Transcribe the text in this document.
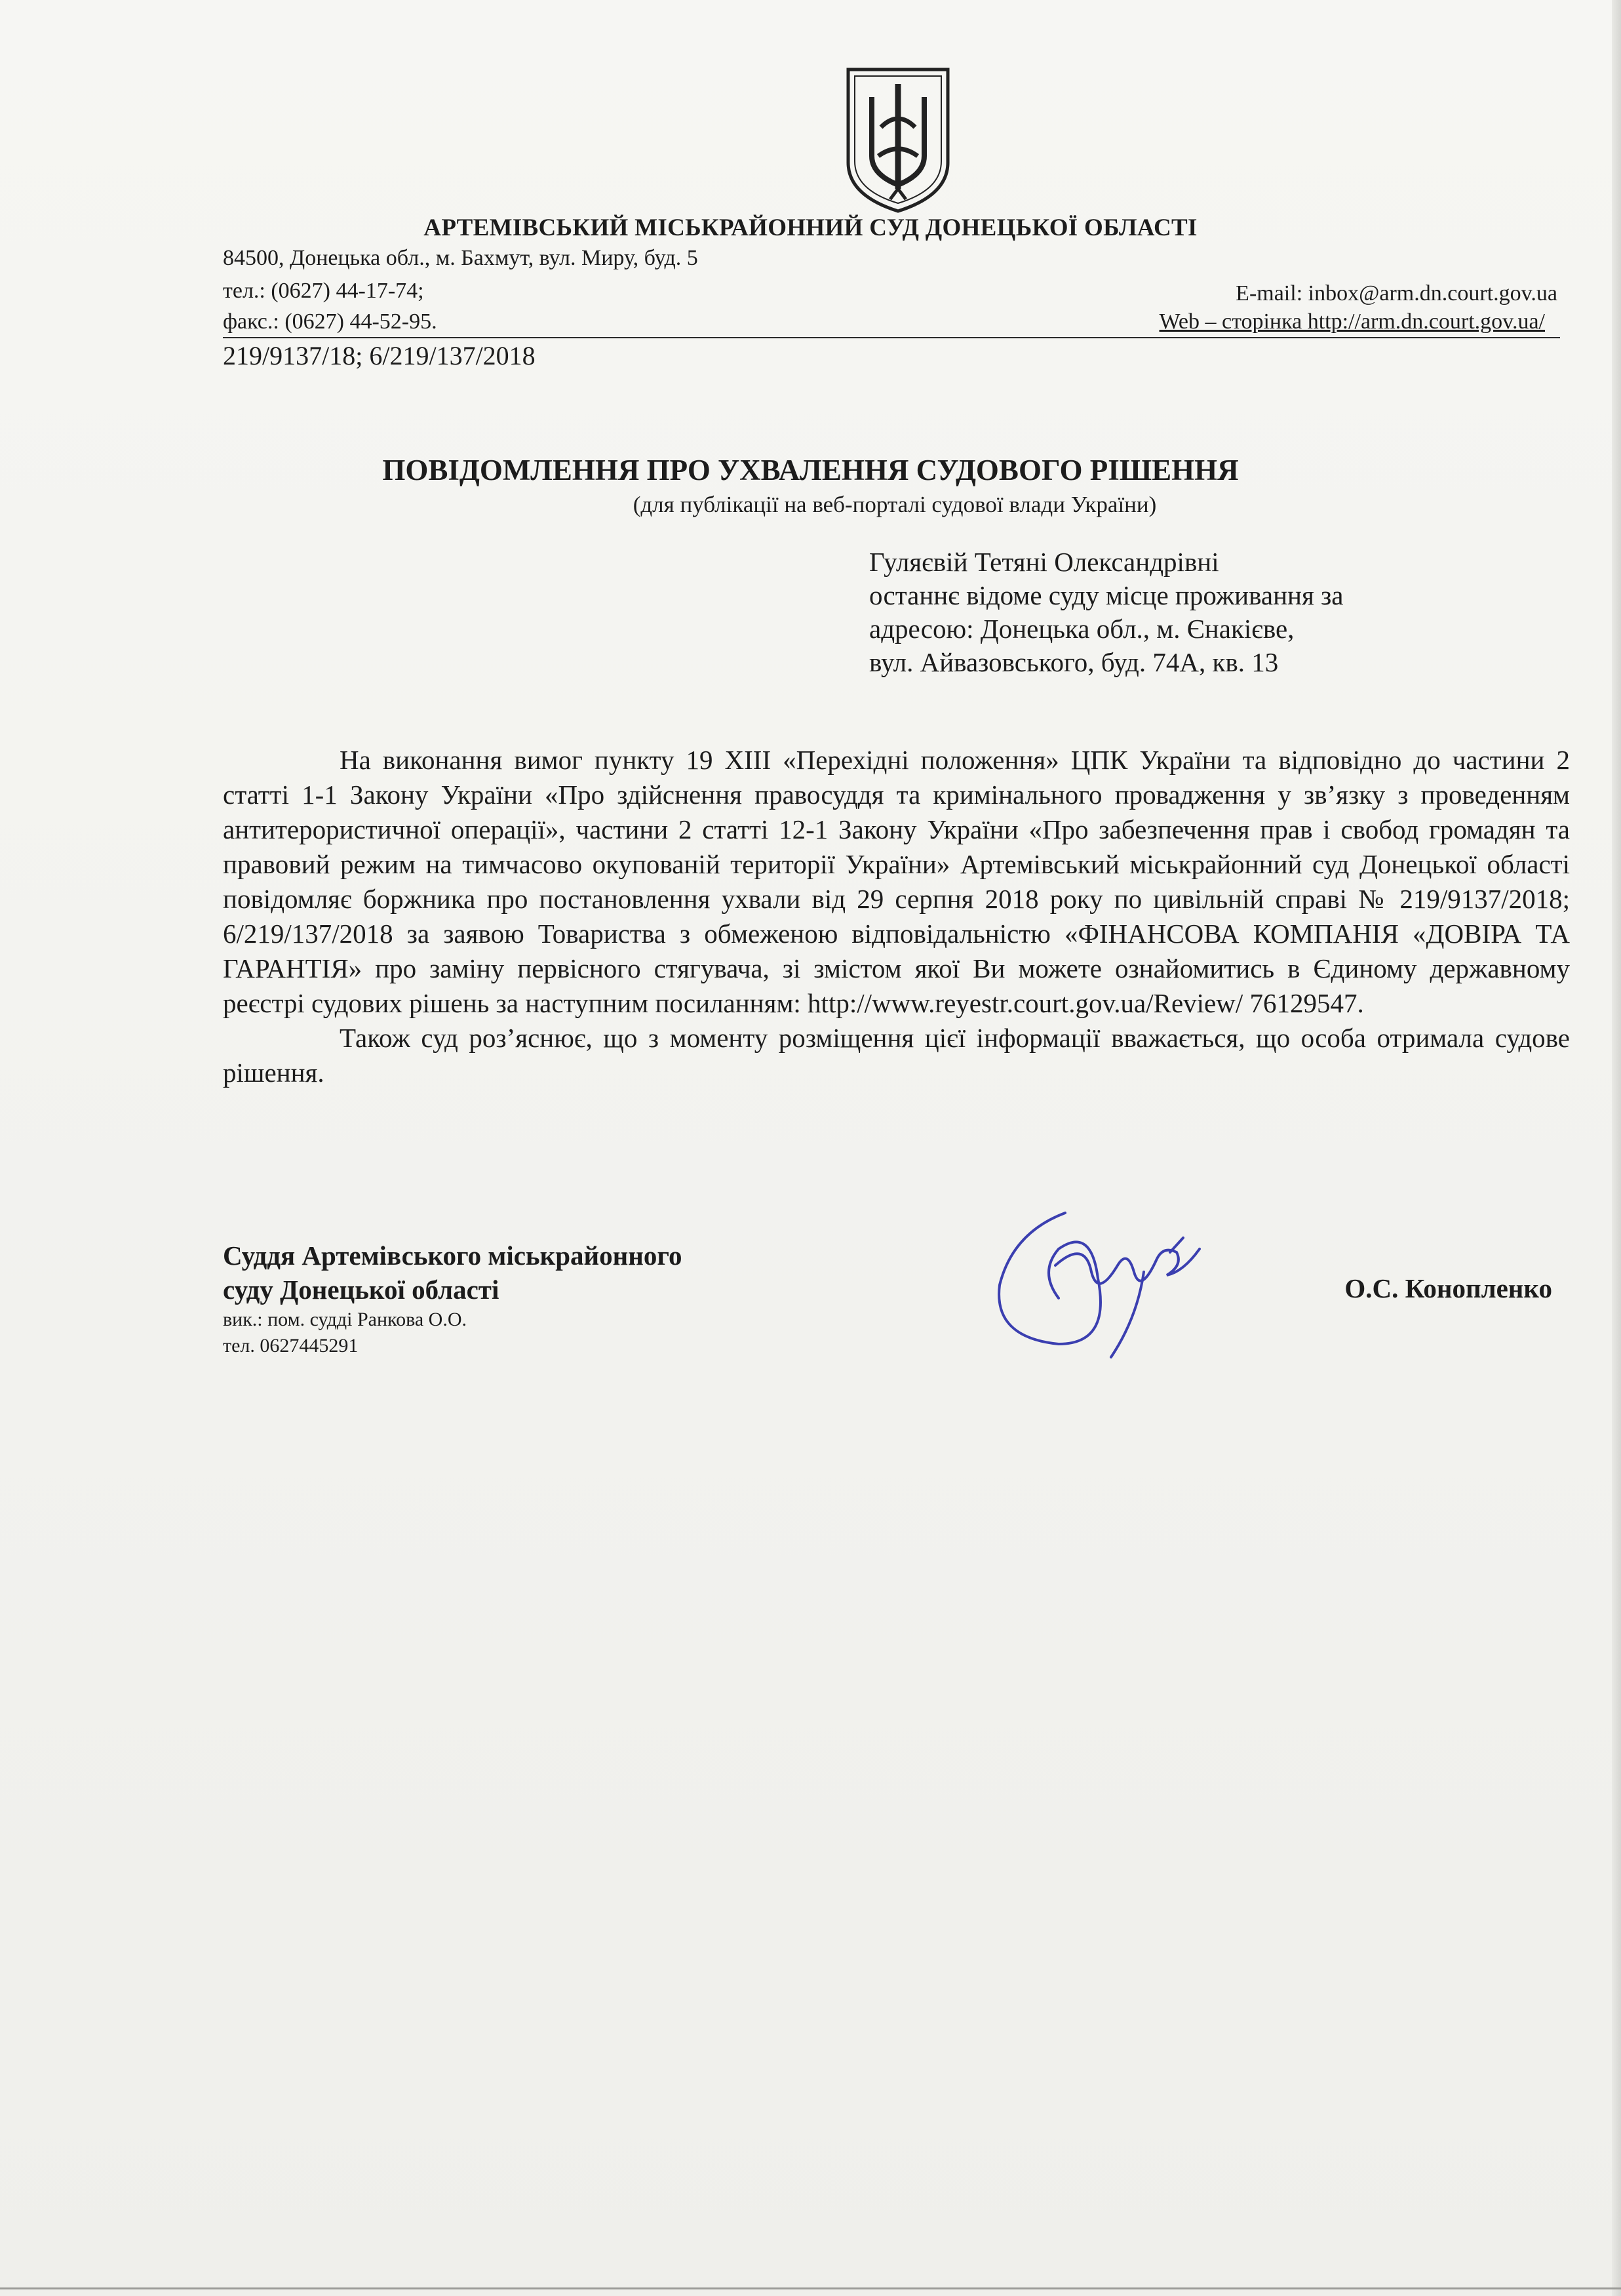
АРТЕМІВСЬКИЙ МІСЬКРАЙОННИЙ СУД ДОНЕЦЬКОЇ ОБЛАСТІ
84500, Донецька обл., м. Бахмут, вул. Миру, буд. 5
тел.: (0627) 44-17-74;
факс.: (0627) 44-52-95.
E-mail: inbox@arm.dn.court.gov.ua
Web – сторінка http://arm.dn.court.gov.ua/
219/9137/18; 6/219/137/2018
ПОВІДОМЛЕННЯ ПРО УХВАЛЕННЯ СУДОВОГО РІШЕННЯ
(для публікації на веб-порталі судової влади України)
Гуляєвій Тетяні Олександрівні
останнє відоме суду місце проживання за
адресою: Донецька обл., м. Єнакієве,
вул. Айвазовського, буд. 74А, кв. 13

На виконання вимог пункту 19 ХІІІ «Перехідні положення» ЦПК України та відповідно до частини 2 статті 1-1 Закону України «Про здійснення правосуддя та кримінального провадження у зв’язку з проведенням антитерористичної операції», частини 2 статті 12-1 Закону України «Про забезпечення прав і свобод громадян та правовий режим на тимчасово окупованій території України» Артемівський міськрайонний суд Донецької області повідомляє боржника про постановлення ухвали від 29 серпня 2018 року по цивільній справі № 219/9137/2018; 6/219/137/2018 за заявою Товариства з обмеженою відповідальністю «ФІНАНСОВА КОМПАНІЯ «ДОВІРА ТА ГАРАНТІЯ» про заміну первісного стягувача, зі змістом якої Ви можете ознайомитись в Єдиному державному реєстрі судових рішень за наступним посиланням: http://www.reyestr.court.gov.ua/Review/ 76129547.

Також суд роз’яснює, що з моменту розміщення цієї інформації вважається, що особа отримала судове рішення.

Суддя Артемівського міськрайонного
суду Донецької області
вик.: пом. судді Ранкова О.О.
тел. 0627445291
О.С. Конопленко
